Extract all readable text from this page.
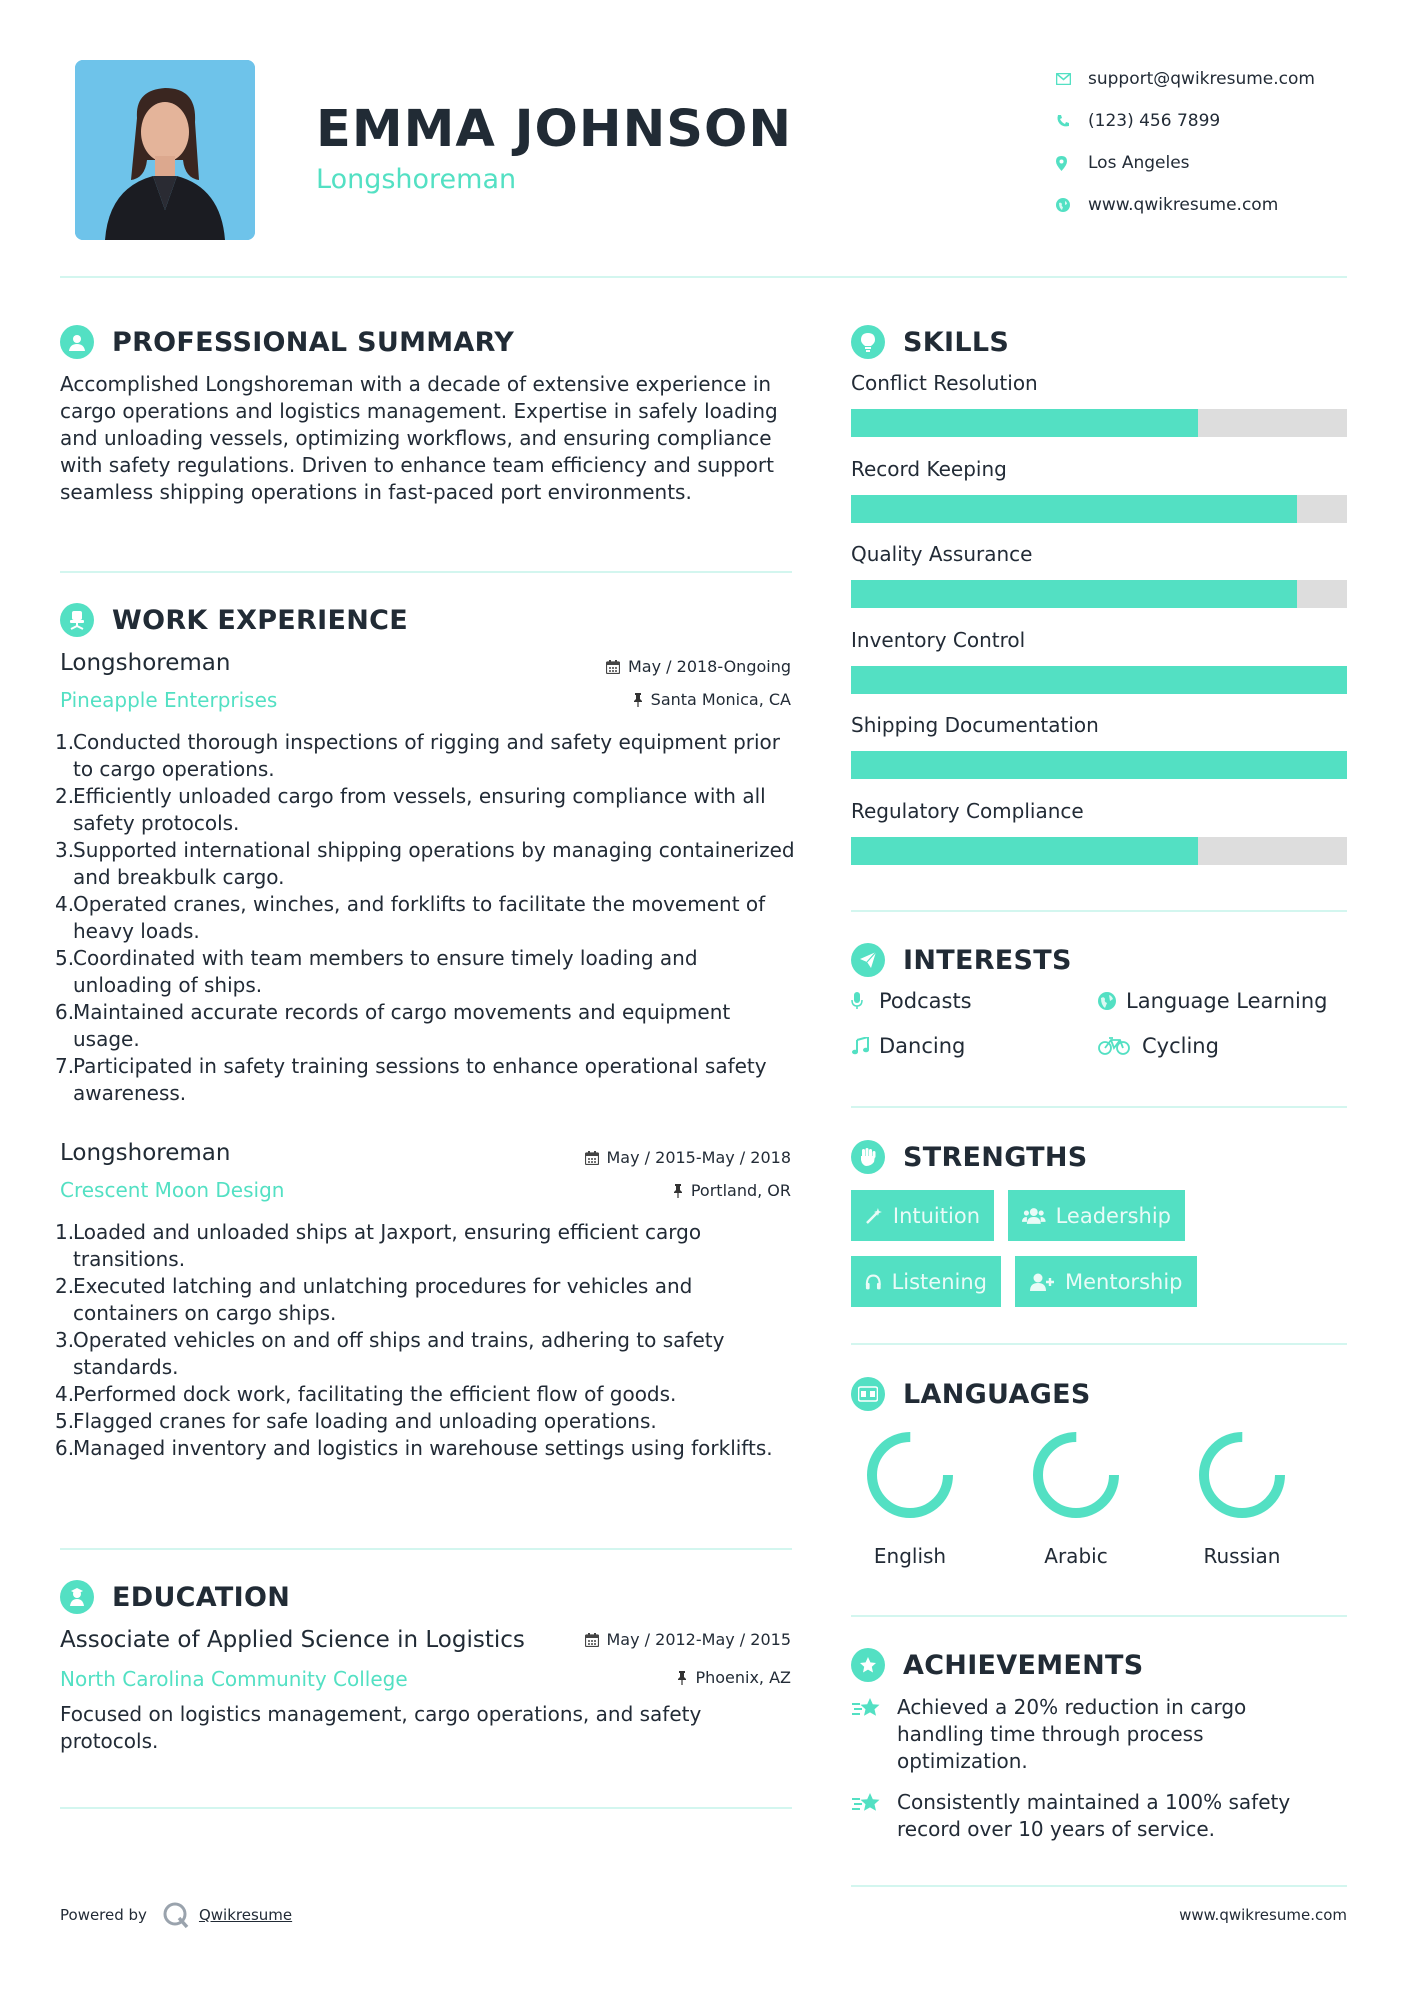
EMMA JOHNSON
Longshoreman
support@qwikresume.com
(123) 456 7899
Los Angeles
www.qwikresume.com
PROFESSIONAL SUMMARY
Accomplished Longshoreman with a decade of extensive experience in cargo operations and logistics management. Expertise in safely loading and unloading vessels, optimizing workflows, and ensuring compliance with safety regulations. Driven to enhance team efficiency and support seamless shipping operations in fast-paced port environments.
WORK EXPERIENCE
Longshoreman
Pineapple Enterprises
May / 2018-Ongoing
Santa Monica, CA
1.
Conducted thorough inspections of rigging and safety equipment prior to cargo operations.
2.
Efficiently unloaded cargo from vessels, ensuring compliance with all safety protocols.
3.
Supported international shipping operations by managing containerized and breakbulk cargo.
4.
Operated cranes, winches, and forklifts to facilitate the movement of heavy loads.
5.
Coordinated with team members to ensure timely loading and unloading of ships.
6.
Maintained accurate records of cargo movements and equipment usage.
7.
Participated in safety training sessions to enhance operational safety awareness.
Longshoreman
Crescent Moon Design
May / 2015-May / 2018
Portland, OR
1.
Loaded and unloaded ships at Jaxport, ensuring efficient cargo transitions.
2.
Executed latching and unlatching procedures for vehicles and containers on cargo ships.
3.
Operated vehicles on and off ships and trains, adhering to safety standards.
4.
Performed dock work, facilitating the efficient flow of goods.
5.
Flagged cranes for safe loading and unloading operations.
6.
Managed inventory and logistics in warehouse settings using forklifts.
EDUCATION
Associate of Applied Science in Logistics
North Carolina Community College
May / 2012-May / 2015
Phoenix, AZ
Focused on logistics management, cargo operations, and safety protocols.
SKILLS
Conflict Resolution
Record Keeping
Quality Assurance
Inventory Control
Shipping Documentation
Regulatory Compliance
INTERESTS
Podcasts	Language Learning
Dancing	Cycling
STRENGTHS
Intuition	Leadership
Listening	Mentorship
LANGUAGES
English	Arabic	Russian
ACHIEVEMENTS
Achieved a 20% reduction in cargo handling time through process optimization.
Consistently maintained a 100% safety record over 10 years of service.
Powered by	Qwikresume	www.qwikresume.com
